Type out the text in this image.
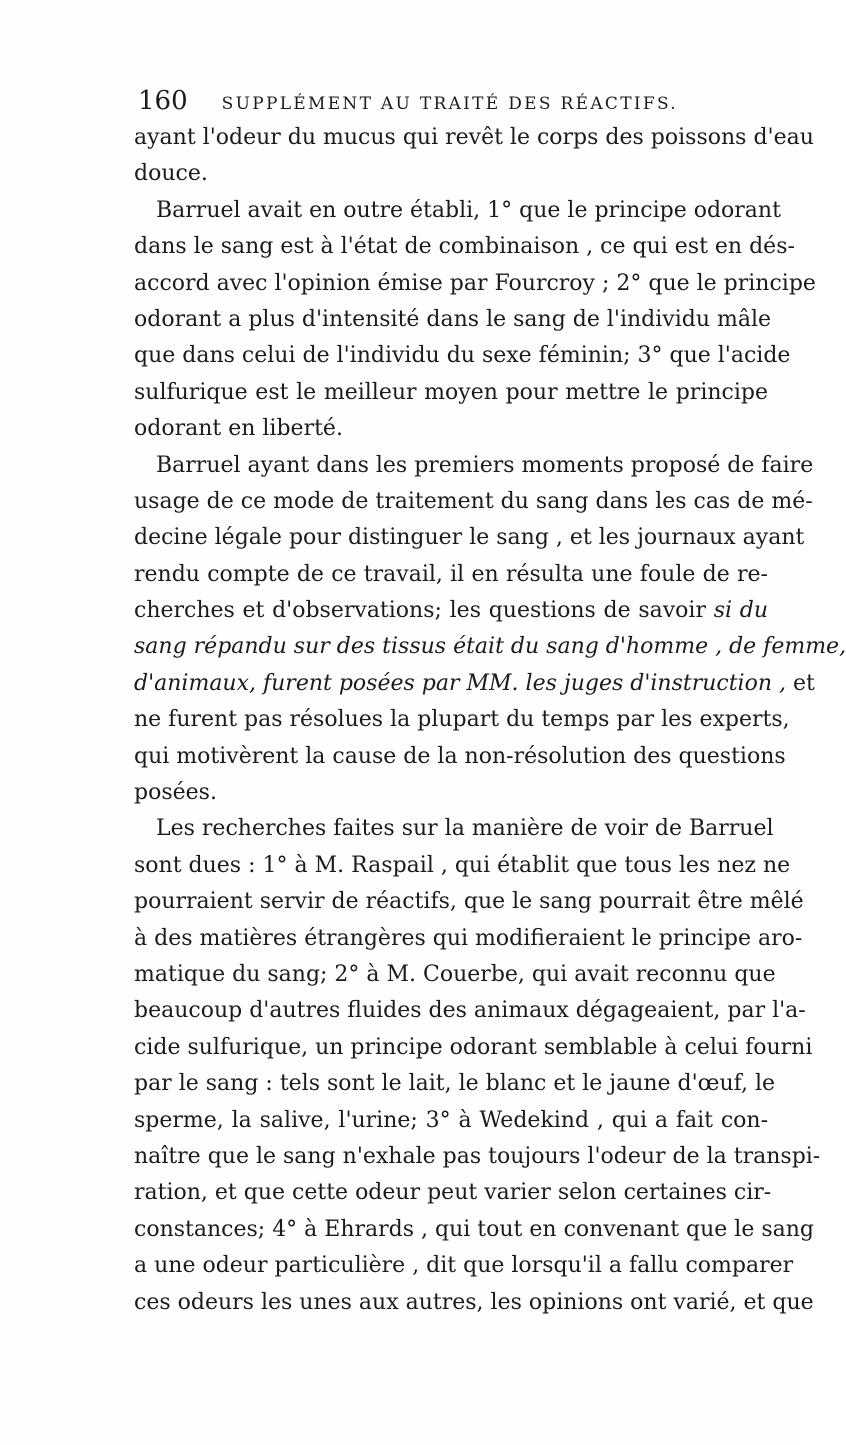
160 SUPPLÉMENT AU TRAITÉ DES RÉACTIFS.
ayant l'odeur du mucus qui revêt le corps des poissons d'eau
douce.
Barruel avait en outre établi, 1° que le principe odorant
dans le sang est à l'état de combinaison , ce qui est en dés-
accord avec l'opinion émise par Fourcroy ; 2° que le principe
odorant a plus d'intensité dans le sang de l'individu mâle
que dans celui de l'individu du sexe féminin; 3° que l'acide
sulfurique est le meilleur moyen pour mettre le principe
odorant en liberté.
Barruel ayant dans les premiers moments proposé de faire
usage de ce mode de traitement du sang dans les cas de mé-
decine légale pour distinguer le sang , et les journaux ayant
rendu compte de ce travail, il en résulta une foule de re-
cherches et d'observations; les questions de savoir si du
sang répandu sur des tissus était du sang d'homme , de femme,
d'animaux, furent posées par MM. les juges d'instruction , et
ne furent pas résolues la plupart du temps par les experts,
qui motivèrent la cause de la non-résolution des questions
posées.
Les recherches faites sur la manière de voir de Barruel
sont dues : 1° à M. Raspail , qui établit que tous les nez ne
pourraient servir de réactifs, que le sang pourrait être mêlé
à des matières étrangères qui modifieraient le principe aro-
matique du sang; 2° à M. Couerbe, qui avait reconnu que
beaucoup d'autres fluides des animaux dégageaient, par l'a-
cide sulfurique, un principe odorant semblable à celui fourni
par le sang : tels sont le lait, le blanc et le jaune d'œuf, le
sperme, la salive, l'urine; 3° à Wedekind , qui a fait con-
naître que le sang n'exhale pas toujours l'odeur de la transpi-
ration, et que cette odeur peut varier selon certaines cir-
constances; 4° à Ehrards , qui tout en convenant que le sang
a une odeur particulière , dit que lorsqu'il a fallu comparer
ces odeurs les unes aux autres, les opinions ont varié, et que
